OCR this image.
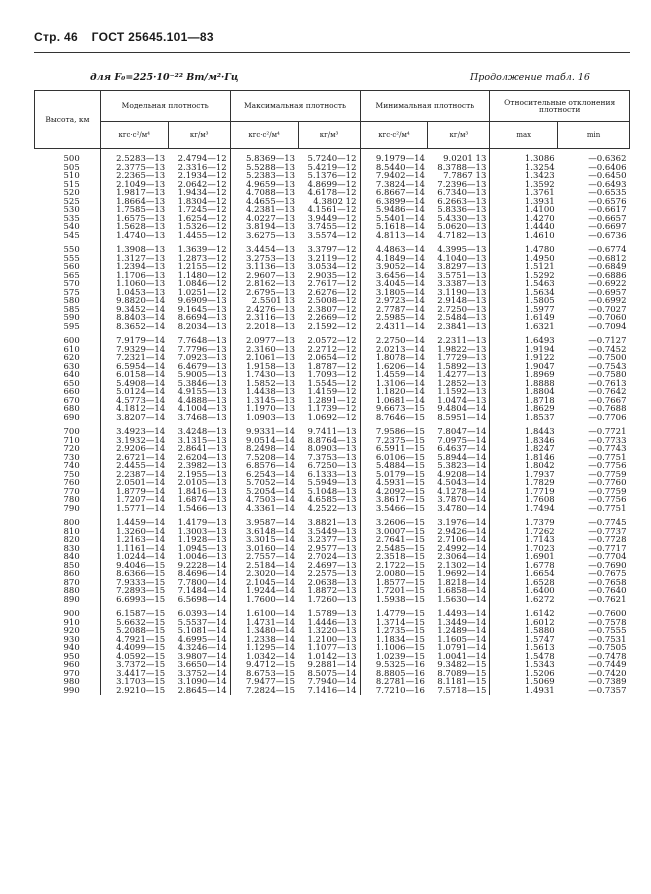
Стр. 46 ГОСТ 25645.101—83
для F₀=225·10⁻²² Вт/м²·Гц	Продолжение табл. 16
Высота, км	Модельная плотность		Максимальная плотность		Минимальная плотность		Относительные отклонения плотности	
	кгс·с²/м⁴	кг/м³	кгс·с²/м⁴	кг/м³	кгс·с²/м⁴	кг/м³	max	min
500	2.5283—13	2.4794—12	5.8369—13	5.7240—12	9.1979—14	9.0201 13	1.3086	—0.6362
505	2.3775—13	2.3316—12	5.5288—13	5.4219—12	8.5440—14	8.3788—13	1.3254	—0.6406
510	2.2365—13	2.1934—12	5.2383—13	5.1376—12	7.9402—14	7.7867 13	1.3423	—0.6450
515	2.1049—13	2.0642—12	4.9659—13	4.8699—12	7.3824—14	7.2396—13	1.3592	—0.6493
520	1.9817—13	1.9434—12	4.7088—13	4.6178—12	6.8667—14	6.7340—13	1.3761	—0.6535
525	1.8664—13	1.8304—12	4.4655—13	4.3802 12	6.3899—14	6.2663—13	1.3931	—0.6576
530	1.7585—13	1.7245—12	4.2381—13	4.1561—12	5.9486—14	5.8336—13	1.4100	—0.6617
535	1.6575—13	1.6254—12	4.0227—13	3.9449—12	5.5401—14	5.4330—13	1.4270	—0.6657
540	1.5628—13	1.5326—12	3.8194—13	3.7455—12	5.1618—14	5.0620—13	1.4440	—0.6697
545	1.4740—13	1.4455—12	3.6275—13	3.5574—12	4.8113—14	4.7182—13	1.4610	—0.6736

550	1.3908—13	1.3639—12	3.4454—13	3.3797—12	4.4863—14	4.3995—13	1.4780	—0.6774
555	1.3127—13	1.2873—12	3.2753—13	3.2119—12	4.1849—14	4.1040—13	1.4950	—0.6812
560	1.2394—13	1.2155—12	3.1136—13	3.0534—12	3.9052—14	3.8297—13	1.5121	—0.6849
565	1.1706—13	1.1480—12	2.9607—13	2.9035—12	3.6456—14	3.5751—13	1.5292	—0.6886
570	1.1060—13	1.0846—12	2.8162—13	2.7617—12	3.4045—14	3.3387—13	1.5463	—0.6922
575	1.0453—13	1.0251—12	2.6795—13	2.6276—12	3.1805—14	3.1190—13	1.5634	—0.6957
580	9.8820—14	9.6909—13	2.5501 13	2.5008—12	2.9723—14	2.9148—13	1.5805	—0.6992
585	9.3452—14	9.1645—13	2.4276—13	2.3807—12	2.7787—14	2.7250—13	1.5977	—0.7027
590	8.8403—14	8.6694—13	2.3116—13	2.2669—12	2.5985—14	2.5484—13	1.6149	—0.7060
595	8.3652—14	8.2034—13	2.2018—13	2.1592—12	2.4311—14	2.3841—13	1.6321	—0.7094

600	7.9179—14	7.7648—13	2.0977—13	2.0572—12	2.2750—14	2.2311—13	1.6493	—0.7127
610	7.9329—14	7.7796—13	2.3160—13	2.2712—12	2.0213—14	1.9822—13	1.9194	—0.7452
620	7.2321—14	7.0923—13	2.1061—13	2.0654—12	1.8078—14	1.7729—13	1.9122	—0.7500
630	6.5954—14	6.4679—13	1.9158—13	1.8787—12	1.6206—14	1.5892—13	1.9047	—0.7543
640	6.0158—14	5.9005—13	1.7430—13	1.7093—12	1.4559—14	1.4277—13	1.8969	—0.7580
650	5.4908—14	5.3846—13	1.5852—13	1.5545—12	1.3106—14	1.2852—13	1.8888	—0.7613
660	5.0124—14	4.9155—13	1.4438—13	1.4159—12	1.1820—14	1.1592—13	1.8804	—0.7642
670	4.5773—14	4.4888—13	1.3145—13	1.2891—12	1.0681—14	1.0474—13	1.8718	—0.7667
680	4.1812—14	4.1004—13	1.1970—13	1.1739—12	9.6673—15	9.4804—14	1.8629	—0.7688
690	3.8207—14	3.7468—13	1.0903—13	1.0692—12	8.7646—15	8.5951—14	1.8537	—0.7706

700	3.4923—14	3.4248—13	9.9331—14	9.7411—13	7.9586—15	7.8047—14	1.8443	—0.7721
710	3.1932—14	3.1315—13	9.0514—14	8.8764—13	7.2375—15	7.0975—14	1.8346	—0.7733
720	2.9206—14	2.8641—13	8.2498—14	8.0903—13	6.5911—15	6.4637—14	1.8247	—0.7743
730	2.6721—14	2.6204—13	7.5208—14	7.3753—13	6.0106—15	5.8944—14	1.8146	—0.7751
740	2.4455—14	2.3982—13	6.8576—14	6.7250—13	5.4884—15	5.3823—14	1.8042	—0.7756
750	2.2387—14	2.1955—13	6.2543—14	6.1333—13	5.0179—15	4.9208—14	1.7937	—0.7759
760	2.0501—14	2.0105—13	5.7052—14	5.5949—13	4.5931—15	4.5043—14	1.7829	—0.7760
770	1.8779—14	1.8416—13	5.2054—14	5.1048—13	4.2092—15	4.1278—14	1.7719	—0.7759
780	1.7207—14	1.6874—13	4.7503—14	4.6585—13	3.8617—15	3.7870—14	1.7608	—0.7756
790	1.5771—14	1.5466—13	4.3361—14	4.2522—13	3.5466—15	3.4780—14	1.7494	—0.7751

800	1.4459—14	1.4179—13	3.9587—14	3.8821—13	3.2606—15	3.1976—14	1.7379	—0.7745
810	1.3260—14	1.3003—13	3.6148—14	3.5449—13	3.0007—15	2.9426—14	1.7262	—0.7737
820	1.2163—14	1.1928—13	3.3015—14	3.2377—13	2.7641—15	2.7106—14	1.7143	—0.7728
830	1.1161—14	1.0945—13	3.0160—14	2.9577—13	2.5485—15	2.4992—14	1.7023	—0.7717
840	1.0244—14	1.0046—13	2.7557—14	2.7024—13	2.3518—15	2.3064—14	1.6901	—0.7704
850	9.4046—15	9.2228—14	2.5184—14	2.4697—13	2.1722—15	2.1302—14	1.6778	—0.7690
860	8.6366—15	8.4696—14	2.3020—14	2.2575—13	2.0080—15	1.9692—14	1.6654	—0.7675
870	7.9333—15	7.7800—14	2.1045—14	2.0638—13	1.8577—15	1.8218—14	1.6528	—0.7658
880	7.2893—15	7.1484—14	1.9244—14	1.8872—13	1.7201—15	1.6858—14	1.6400	—0.7640
890	6.6993—15	6.5698—14	1.7600—14	1.7260—13	1.5938—15	1.5630—14	1.6272	—0.7621

900	6.1587—15	6.0393—14	1.6100—14	1.5789—13	1.4779—15	1.4493—14	1.6142	—0.7600
910	5.6632—15	5.5537—14	1.4731—14	1.4446—13	1.3714—15	1.3449—14	1.6012	—0.7578
920	5.2088—15	5.1081—14	1.3480—14	1.3220—13	1.2735—15	1.2489—14	1.5880	—0.7555
930	4.7921—15	4.6995—14	1.2338—14	1.2100—13	1.1834—15	1.1605—14	1.5747	—0.7531
940	4.4099—15	4.3246—14	1.1295—14	1.1077—13	1.1006—15	1.0791—14	1.5613	—0.7505
950	4.0592—15	3.9807—14	1.0342—14	1.0142—13	1.0239—15	1.0041—14	1.5478	—0.7478
960	3.7372—15	3.6650—14	9.4712—15	9.2881—14	9.5325—16	9.3482—15	1.5343	—0.7449
970	3.4417—15	3.3752—14	8.6753—15	8.5075—14	8.8805—16	8.7089—15	1.5206	—0.7420
980	3.1703—15	3.1090—14	7.9477—15	7.7940—14	8.2781—16	8.1181—15	1.5069	—0.7389
990	2.9210—15	2.8645—14	7.2824—15	7.1416—14	7.7210—16	7.5718—15	1.4931	—0.7357
